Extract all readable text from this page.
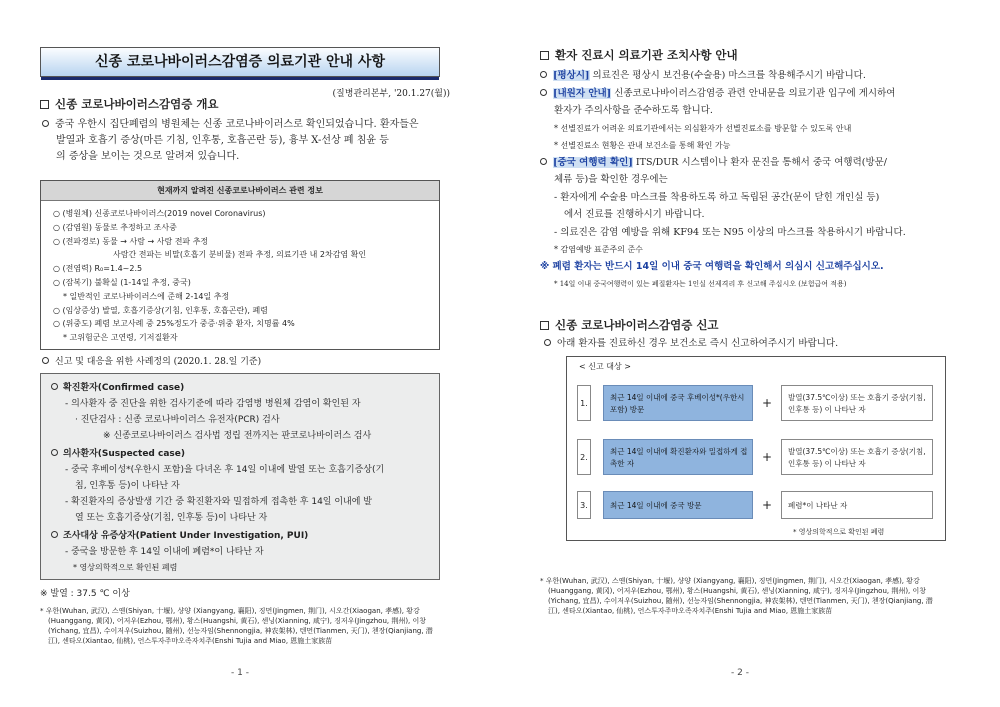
신종 코로나바이러스감염증 의료기관 안내 사항
(질병관리본부, '20.1.27(월))
신종 코로나바이러스감염증 개요
중국 우한시 집단폐렴의 병원체는 신종 코로나바이러스로 확인되었습니다. 환자들은
발열과 호흡기 증상(마른 기침, 인후통, 호흡곤란 등), 흉부 X-선상 폐 침윤 등
의 증상을 보이는 것으로 알려져 있습니다.
현재까지 알려진 신종코로나바이러스 관련 정보
○ (병원체) 신종코로나바이러스(2019 novel Coronavirus)
○ (감염원) 동물로 추정하고 조사중
○ (전파경로) 동물 → 사람 → 사람 전파 추정
사람간 전파는 비말(호흡기 분비물) 전파 추정, 의료기관 내 2차감염 확인
○ (전염력) R₀=1.4~2.5
○ (잠복기) 불확실 (1-14일 추정, 중국)
* 일반적인 코로나바이러스에 준해 2-14일 추정
○ (임상증상) 발열, 호흡기증상(기침, 인후통, 호흡곤란), 폐렴
○ (위중도) 폐렴 보고사례 중 25%정도가 중증·위중 환자, 치명률 4%
* 고위험군은 고연령, 기저질환자
신고 및 대응을 위한 사례정의 (2020.1. 28.일 기준)
확진환자(Confirmed case)
- 의사환자 중 진단을 위한 검사기준에 따라 감염병 병원체 감염이 확인된 자
· 진단검사 : 신종 코로나바이러스 유전자(PCR) 검사
※ 신종코로나바이러스 검사법 정립 전까지는 판코로나바이러스 검사
의사환자(Suspected case)
- 중국 후베이성*(우한시 포함)을 다녀온 후 14일 이내에 발열 또는 호흡기증상(기
침, 인후통 등)이 나타난 자
- 확진환자의 증상발생 기간 중 확진환자와 밀접하게 접촉한 후 14일 이내에 발
열 또는 호흡기증상(기침, 인후통 등)이 나타난 자
조사대상 유증상자(Patient Under Investigation, PUI)
- 중국을 방문한 후 14일 이내에 폐렴*이 나타난 자
* 영상의학적으로 확인된 폐렴
※ 발열 : 37.5 ℃ 이상
* 우한(Wuhan, 武汉), 스옌(Shiyan, 十堰), 샹양 (Xiangyang, 襄阳), 징먼(Jingmen, 荆门), 시오간(Xiaogan, 孝感), 황강
(Huanggang, 黄冈), 어저우(Ezhou, 鄂州), 황스(Huangshi, 黄石), 센닝(Xianning, 咸宁), 징저우(Jingzhou, 荆州), 이창
(Yichang, 宜昌), 수이저우(Suizhou, 随州), 선능자임(Shennongjia, 神农架林), 텐먼(Tianmen, 天门), 첸장(Qianjiang, 潜
江), 센타오(Xiantao, 仙桃), 언스투자주먀오족자치주(Enshi Tujia and Miao, 恩施土家族苗
- 1 -
환자 진료시 의료기관 조치사항 안내
[평상시] 의료진은 평상시 보건용(수술용) 마스크를 착용해주시기 바랍니다.
[내원자 안내] 신종코로나바이러스감염증 관련 안내문을 의료기관 입구에 게시하여
환자가 주의사항을 준수하도록 합니다.
* 선별진료가 어려운 의료기관에서는 의심환자가 선별진료소를 방문할 수 있도록 안내
* 선별진료소 현황은 관내 보건소를 통해 확인 가능
[중국 여행력 확인] ITS/DUR 시스템이나 환자 문진을 통해서 중국 여행력(방문/
체류 등)을 확인한 경우에는
- 환자에게 수술용 마스크를 착용하도록 하고 독립된 공간(문이 닫힌 개인실 등)
에서 진료를 진행하시기 바랍니다.
- 의료진은 감염 예방을 위해 KF94 또는 N95 이상의 마스크를 착용하시기 바랍니다.
* 감염예방 표준주의 준수
※ 폐렴 환자는 반드시 14일 이내 중국 여행력을 확인해서 의심시 신고해주십시오.
* 14일 이내 중국여행력이 있는 폐질환자는 1인실 선제격리 후 신고해 주십시오 (보험급여 적용)
신종 코로나바이러스감염증 신고
아래 환자를 진료하신 경우 보건소로 즉시 신고하여주시기 바랍니다.
< 신고 대상 >
1.
최근 14일 이내에 중국 후베이성*(우한시 포함) 방문	+	발열(37.5℃이상) 또는 호흡기 증상(기침, 인후통 등) 이 나타난 자
2.
최근 14일 이내에 확진환자와 밀접하게 접촉한 자	+	발열(37.5℃이상) 또는 호흡기 증상(기침, 인후통 등) 이 나타난 자
3.	최근 14일 이내에 중국 방문	+	폐렴*이 나타난 자
* 영상의학적으로 확인된 폐렴
* 우한(Wuhan, 武汉), 스옌(Shiyan, 十堰), 샹양 (Xiangyang, 襄阳), 징먼(Jingmen, 荆门), 시오간(Xiaogan, 孝感), 황강
(Huanggang, 黄冈), 어저우(Ezhou, 鄂州), 황스(Huangshi, 黄石), 센닝(Xianning, 咸宁), 징저우(Jingzhou, 荆州), 이창
(Yichang, 宜昌), 수이저우(Suizhou, 随州), 선능자임(Shennongjia, 神农架林), 텐먼(Tianmen, 天门), 첸장(Qianjiang, 潜
江), 센타오(Xiantao, 仙桃), 언스투자주먀오족자치주(Enshi Tujia and Miao, 恩施土家族苗
- 2 -
